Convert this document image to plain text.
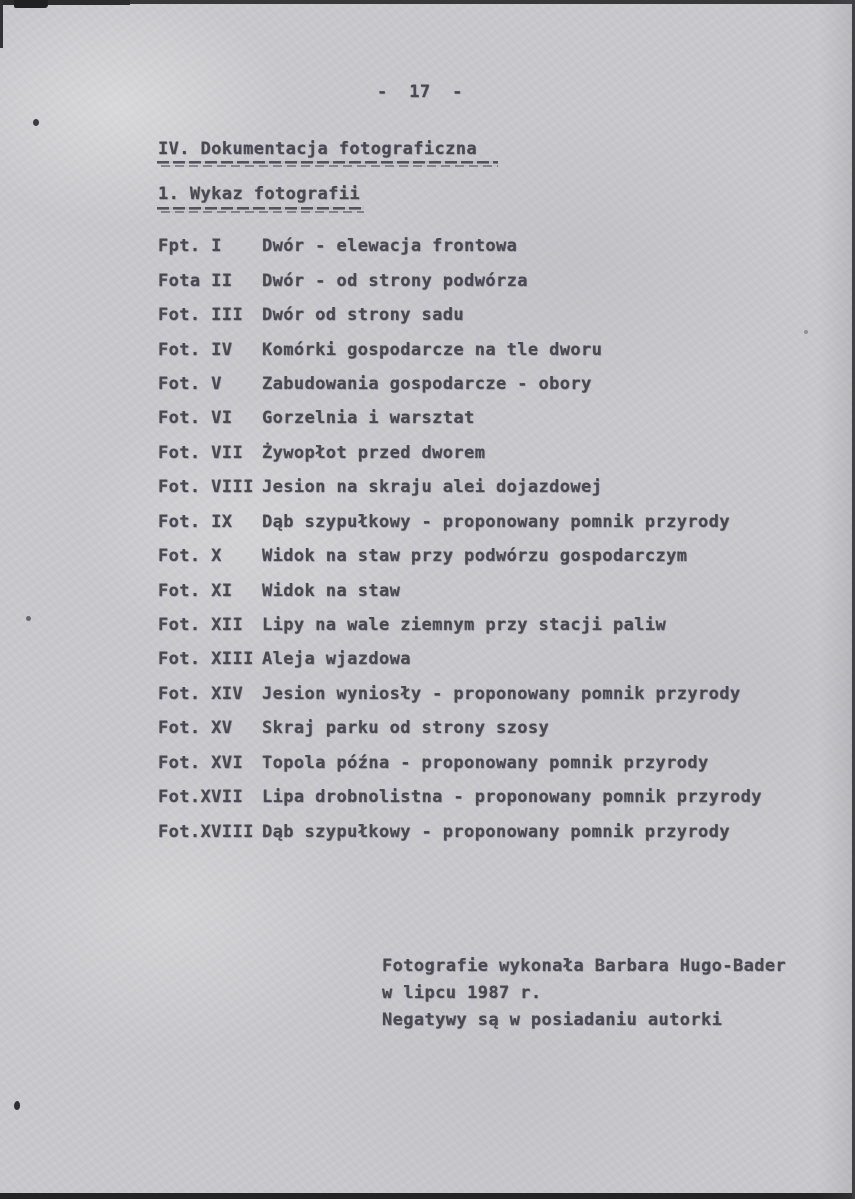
- 17 -
IV. Dokumentacja fotograficzna
1. Wykaz fotografii
Fpt. I	Dwór - elewacja frontowa
Fota II	Dwór - od strony podwórza
Fot. III	Dwór od strony sadu
Fot. IV	Komórki gospodarcze na tle dworu
Fot. V	Zabudowania gospodarcze - obory
Fot. VI	Gorzelnia i warsztat
Fot. VII	Żywopłot przed dworem
Fot. VIII Jesion na skraju alei dojazdowej
Fot. IX	Dąb szypułkowy - proponowany pomnik przyrody
Fot. X	Widok na staw przy podwórzu gospodarczym
Fot. XI	Widok na staw
Fot. XII	Lipy na wale ziemnym przy stacji paliw
Fot. XIII Aleja wjazdowa
Fot. XIV	Jesion wyniosły - proponowany pomnik przyrody
Fot. XV	Skraj parku od strony szosy
Fot. XVI	Topola późna - proponowany pomnik przyrody
Fot.XVII	Lipa drobnolistna - proponowany pomnik przyrody
Fot.XVIII Dąb szypułkowy - proponowany pomnik przyrody
Fotografie wykonała Barbara Hugo-Bader
w lipcu 1987 r.
Negatywy są w posiadaniu autorki
